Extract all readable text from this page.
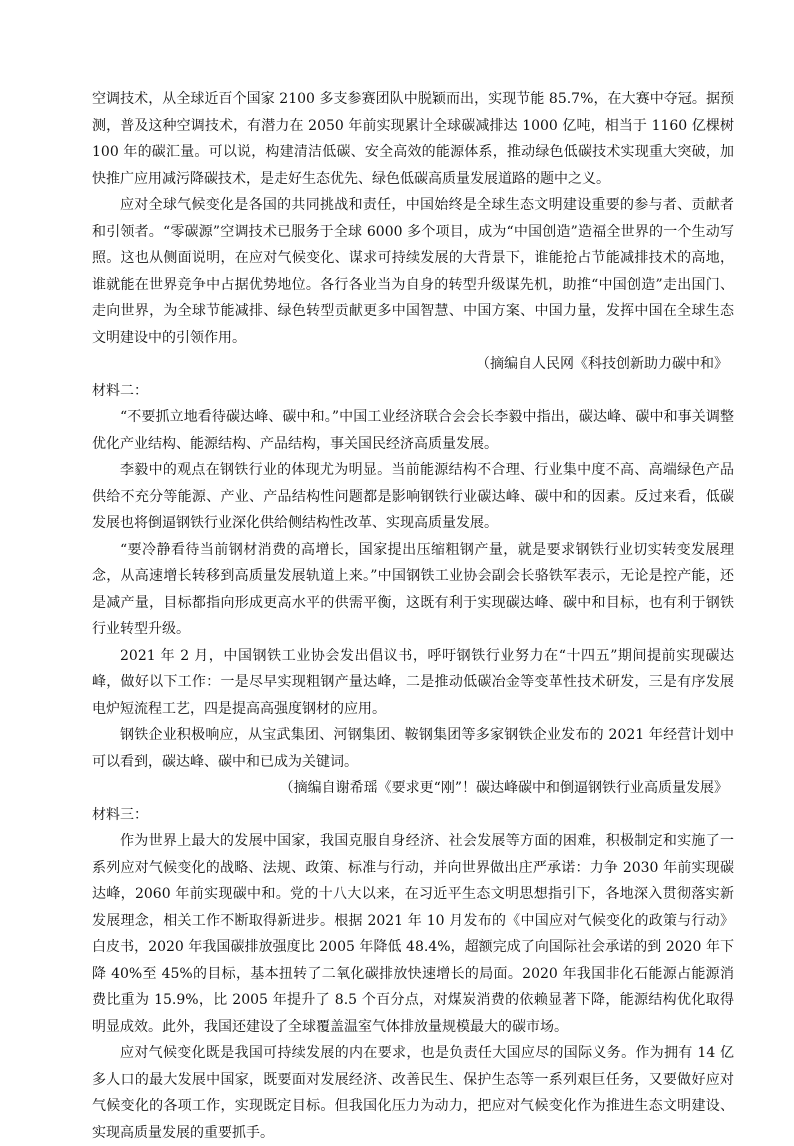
空调技术，从全球近百个国家 2100 多支参赛团队中脱颖而出，实现节能 85.7%，在大赛中夺冠。据预测，普及这种空调技术，有潜力在 2050 年前实现累计全球碳减排达 1000 亿吨，相当于 1160 亿棵树 100 年的碳汇量。可以说，构建清洁低碳、安全高效的能源体系，推动绿色低碳技术实现重大突破，加快推广应用减污降碳技术，是走好生态优先、绿色低碳高质量发展道路的题中之义。

应对全球气候变化是各国的共同挑战和责任，中国始终是全球生态文明建设重要的参与者、贡献者和引领者。“零碳源”空调技术已服务于全球 6000 多个项目，成为“中国创造”造福全世界的一个生动写照。这也从侧面说明，在应对气候变化、谋求可持续发展的大背景下，谁能抢占节能减排技术的高地，谁就能在世界竞争中占据优势地位。各行各业当为自身的转型升级谋先机，助推“中国创造”走出国门、走向世界，为全球节能减排、绿色转型贡献更多中国智慧、中国方案、中国力量，发挥中国在全球生态文明建设中的引领作用。

（摘编自人民网《科技创新助力碳中和》

材料二：

“不要抓立地看待碳达峰、碳中和。”中国工业经济联合会会长李毅中指出，碳达峰、碳中和事关调整优化产业结构、能源结构、产品结构，事关国民经济高质量发展。

李毅中的观点在钢铁行业的体现尤为明显。当前能源结构不合理、行业集中度不高、高端绿色产品供给不充分等能源、产业、产品结构性问题都是影响钢铁行业碳达峰、碳中和的因素。反过来看，低碳发展也将倒逼钢铁行业深化供给侧结构性改革、实现高质量发展。

“要冷静看待当前钢材消费的高增长，国家提出压缩粗钢产量，就是要求钢铁行业切实转变发展理念，从高速增长转移到高质量发展轨道上来。”中国钢铁工业协会副会长骆铁军表示，无论是控产能，还是减产量，目标都指向形成更高水平的供需平衡，这既有利于实现碳达峰、碳中和目标，也有利于钢铁行业转型升级。

2021 年 2 月，中国钢铁工业协会发出倡议书，呼吁钢铁行业努力在“十四五”期间提前实现碳达峰，做好以下工作：一是尽早实现粗钢产量达峰，二是推动低碳冶金等变革性技术研发，三是有序发展电炉短流程工艺，四是提高高强度钢材的应用。

钢铁企业积极响应，从宝武集团、河钢集团、鞍钢集团等多家钢铁企业发布的 2021 年经营计划中可以看到，碳达峰、碳中和已成为关键词。

（摘编自谢希瑶《要求更“刚”！碳达峰碳中和倒逼钢铁行业高质量发展》

材料三：

作为世界上最大的发展中国家，我国克服自身经济、社会发展等方面的困难，积极制定和实施了一系列应对气候变化的战略、法规、政策、标准与行动，并向世界做出庄严承诺：力争 2030 年前实现碳达峰，2060 年前实现碳中和。党的十八大以来，在习近平生态文明思想指引下，各地深入贯彻落实新发展理念，相关工作不断取得新进步。根据 2021 年 10 月发布的《中国应对气候变化的政策与行动》白皮书，2020 年我国碳排放强度比 2005 年降低 48.4%，超额完成了向国际社会承诺的到 2020 年下降 40%至 45%的目标，基本扭转了二氧化碳排放快速增长的局面。2020 年我国非化石能源占能源消费比重为 15.9%，比 2005 年提升了 8.5 个百分点，对煤炭消费的依赖显著下降，能源结构优化取得明显成效。此外，我国还建设了全球覆盖温室气体排放量规模最大的碳市场。

应对气候变化既是我国可持续发展的内在要求，也是负责任大国应尽的国际义务。作为拥有 14 亿多人口的最大发展中国家，既要面对发展经济、改善民生、保护生态等一系列艰巨任务，又要做好应对气候变化的各项工作，实现既定目标。但我国化压力为动力，把应对气候变化作为推进生态文明建设、实现高质量发展的重要抓手。
